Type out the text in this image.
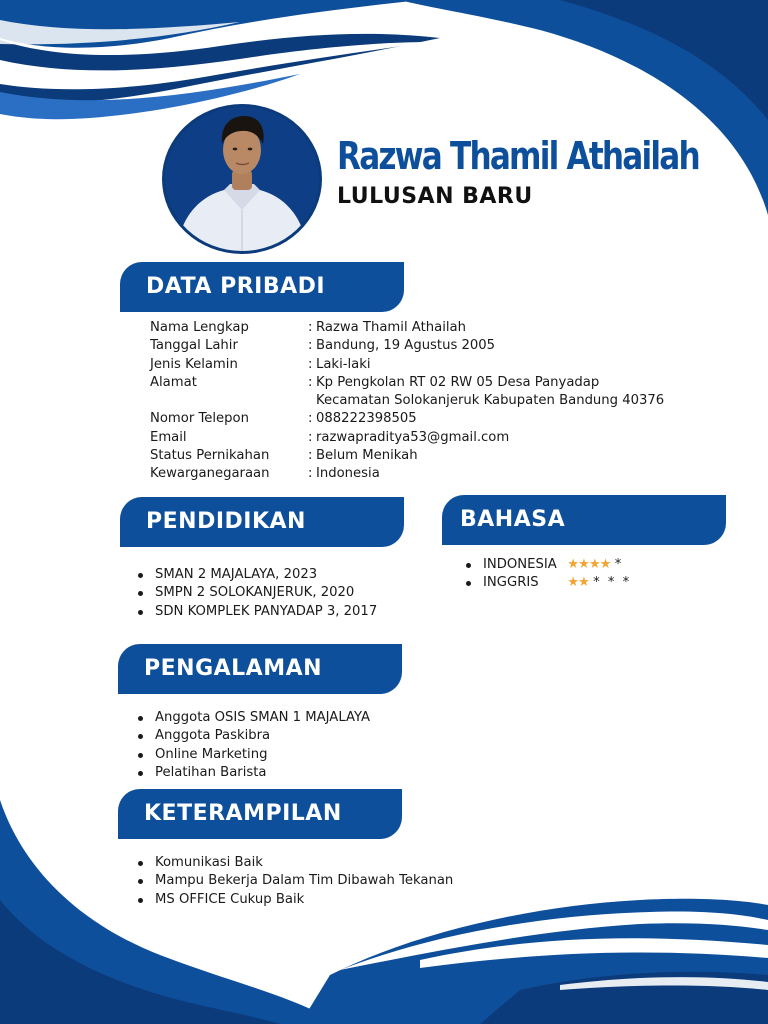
Razwa Thamil Athailah
LULUSAN BARU
DATA PRIBADI
Nama Lengkap	: Razwa Thamil Athailah
Tanggal Lahir	: Bandung, 19 Agustus 2005
Jenis Kelamin	: Laki-laki
Alamat	: Kp Pengkolan RT 02 RW 05 Desa Panyadap
Kecamatan Solokanjeruk Kabupaten Bandung 40376
Nomor Telepon	: 088222398505
Email	: razwapraditya53@gmail.com
Status Pernikahan	: Belum Menikah
Kewarganegaraan	: Indonesia
PENDIDIKAN
SMAN 2 MAJALAYA, 2023
SMPN 2 SOLOKANJERUK, 2020
SDN KOMPLEK PANYADAP 3, 2017
BAHASA
INDONESIA ★★★★ *
INGGRIS ★★ * * *
PENGALAMAN
Anggota OSIS SMAN 1 MAJALAYA
Anggota Paskibra
Online Marketing
Pelatihan Barista
KETERAMPILAN
Komunikasi Baik
Mampu Bekerja Dalam Tim Dibawah Tekanan
MS OFFICE Cukup Baik
